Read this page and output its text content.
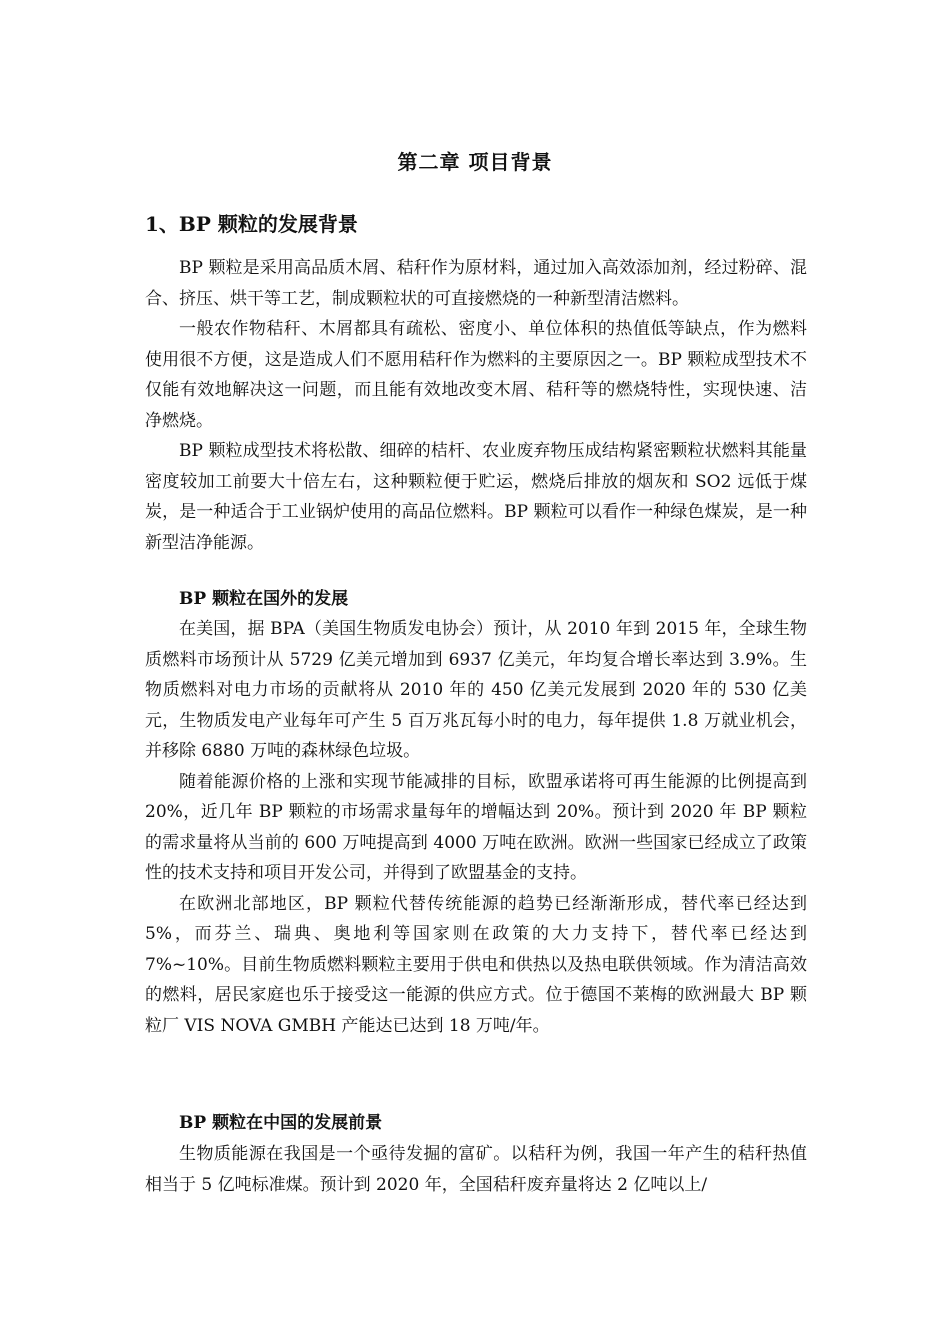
第二章 项目背景
1、BP 颗粒的发展背景

BP 颗粒是采用高品质木屑、秸秆作为原材料，通过加入高效添加剂，经过粉碎、混合、挤压、烘干等工艺，制成颗粒状的可直接燃烧的一种新型清洁燃料。

一般农作物秸秆、木屑都具有疏松、密度小、单位体积的热值低等缺点，作为燃料使用很不方便，这是造成人们不愿用秸秆作为燃料的主要原因之一。BP 颗粒成型技术不仅能有效地解决这一问题，而且能有效地改变木屑、秸秆等的燃烧特性，实现快速、洁净燃烧。

BP 颗粒成型技术将松散、细碎的桔杆、农业废弃物压成结构紧密颗粒状燃料其能量密度较加工前要大十倍左右，这种颗粒便于贮运，燃烧后排放的烟灰和 SO2 远低于煤炭，是一种适合于工业锅炉使用的高品位燃料。BP 颗粒可以看作一种绿色煤炭，是一种新型洁净能源。

BP 颗粒在国外的发展

在美国，据 BPA（美国生物质发电协会）预计，从 2010 年到 2015 年，全球生物质燃料市场预计从 5729 亿美元增加到 6937 亿美元，年均复合增长率达到 3.9%。生物质燃料对电力市场的贡献将从 2010 年的 450 亿美元发展到 2020 年的 530 亿美元，生物质发电产业每年可产生 5 百万兆瓦每小时的电力，每年提供 1.8 万就业机会，并移除 6880 万吨的森林绿色垃圾。

随着能源价格的上涨和实现节能减排的目标，欧盟承诺将可再生能源的比例提高到 20%，近几年 BP 颗粒的市场需求量每年的增幅达到 20%。预计到 2020 年 BP 颗粒的需求量将从当前的 600 万吨提高到 4000 万吨在欧洲。欧洲一些国家已经成立了政策性的技术支持和项目开发公司，并得到了欧盟基金的支持。

在欧洲北部地区，BP 颗粒代替传统能源的趋势已经渐渐形成，替代率已经达到 5%，而芬兰、瑞典、奥地利等国家则在政策的大力支持下，替代率已经达到 7%~10%。目前生物质燃料颗粒主要用于供电和供热以及热电联供领域。作为清洁高效的燃料，居民家庭也乐于接受这一能源的供应方式。位于德国不莱梅的欧洲最大 BP 颗粒厂 VIS NOVA GMBH 产能达已达到 18 万吨/年。

BP 颗粒在中国的发展前景

生物质能源在我国是一个亟待发掘的富矿。以秸秆为例，我国一年产生的秸秆热值相当于 5 亿吨标准煤。预计到 2020 年，全国秸秆废弃量将达 2 亿吨以上/
